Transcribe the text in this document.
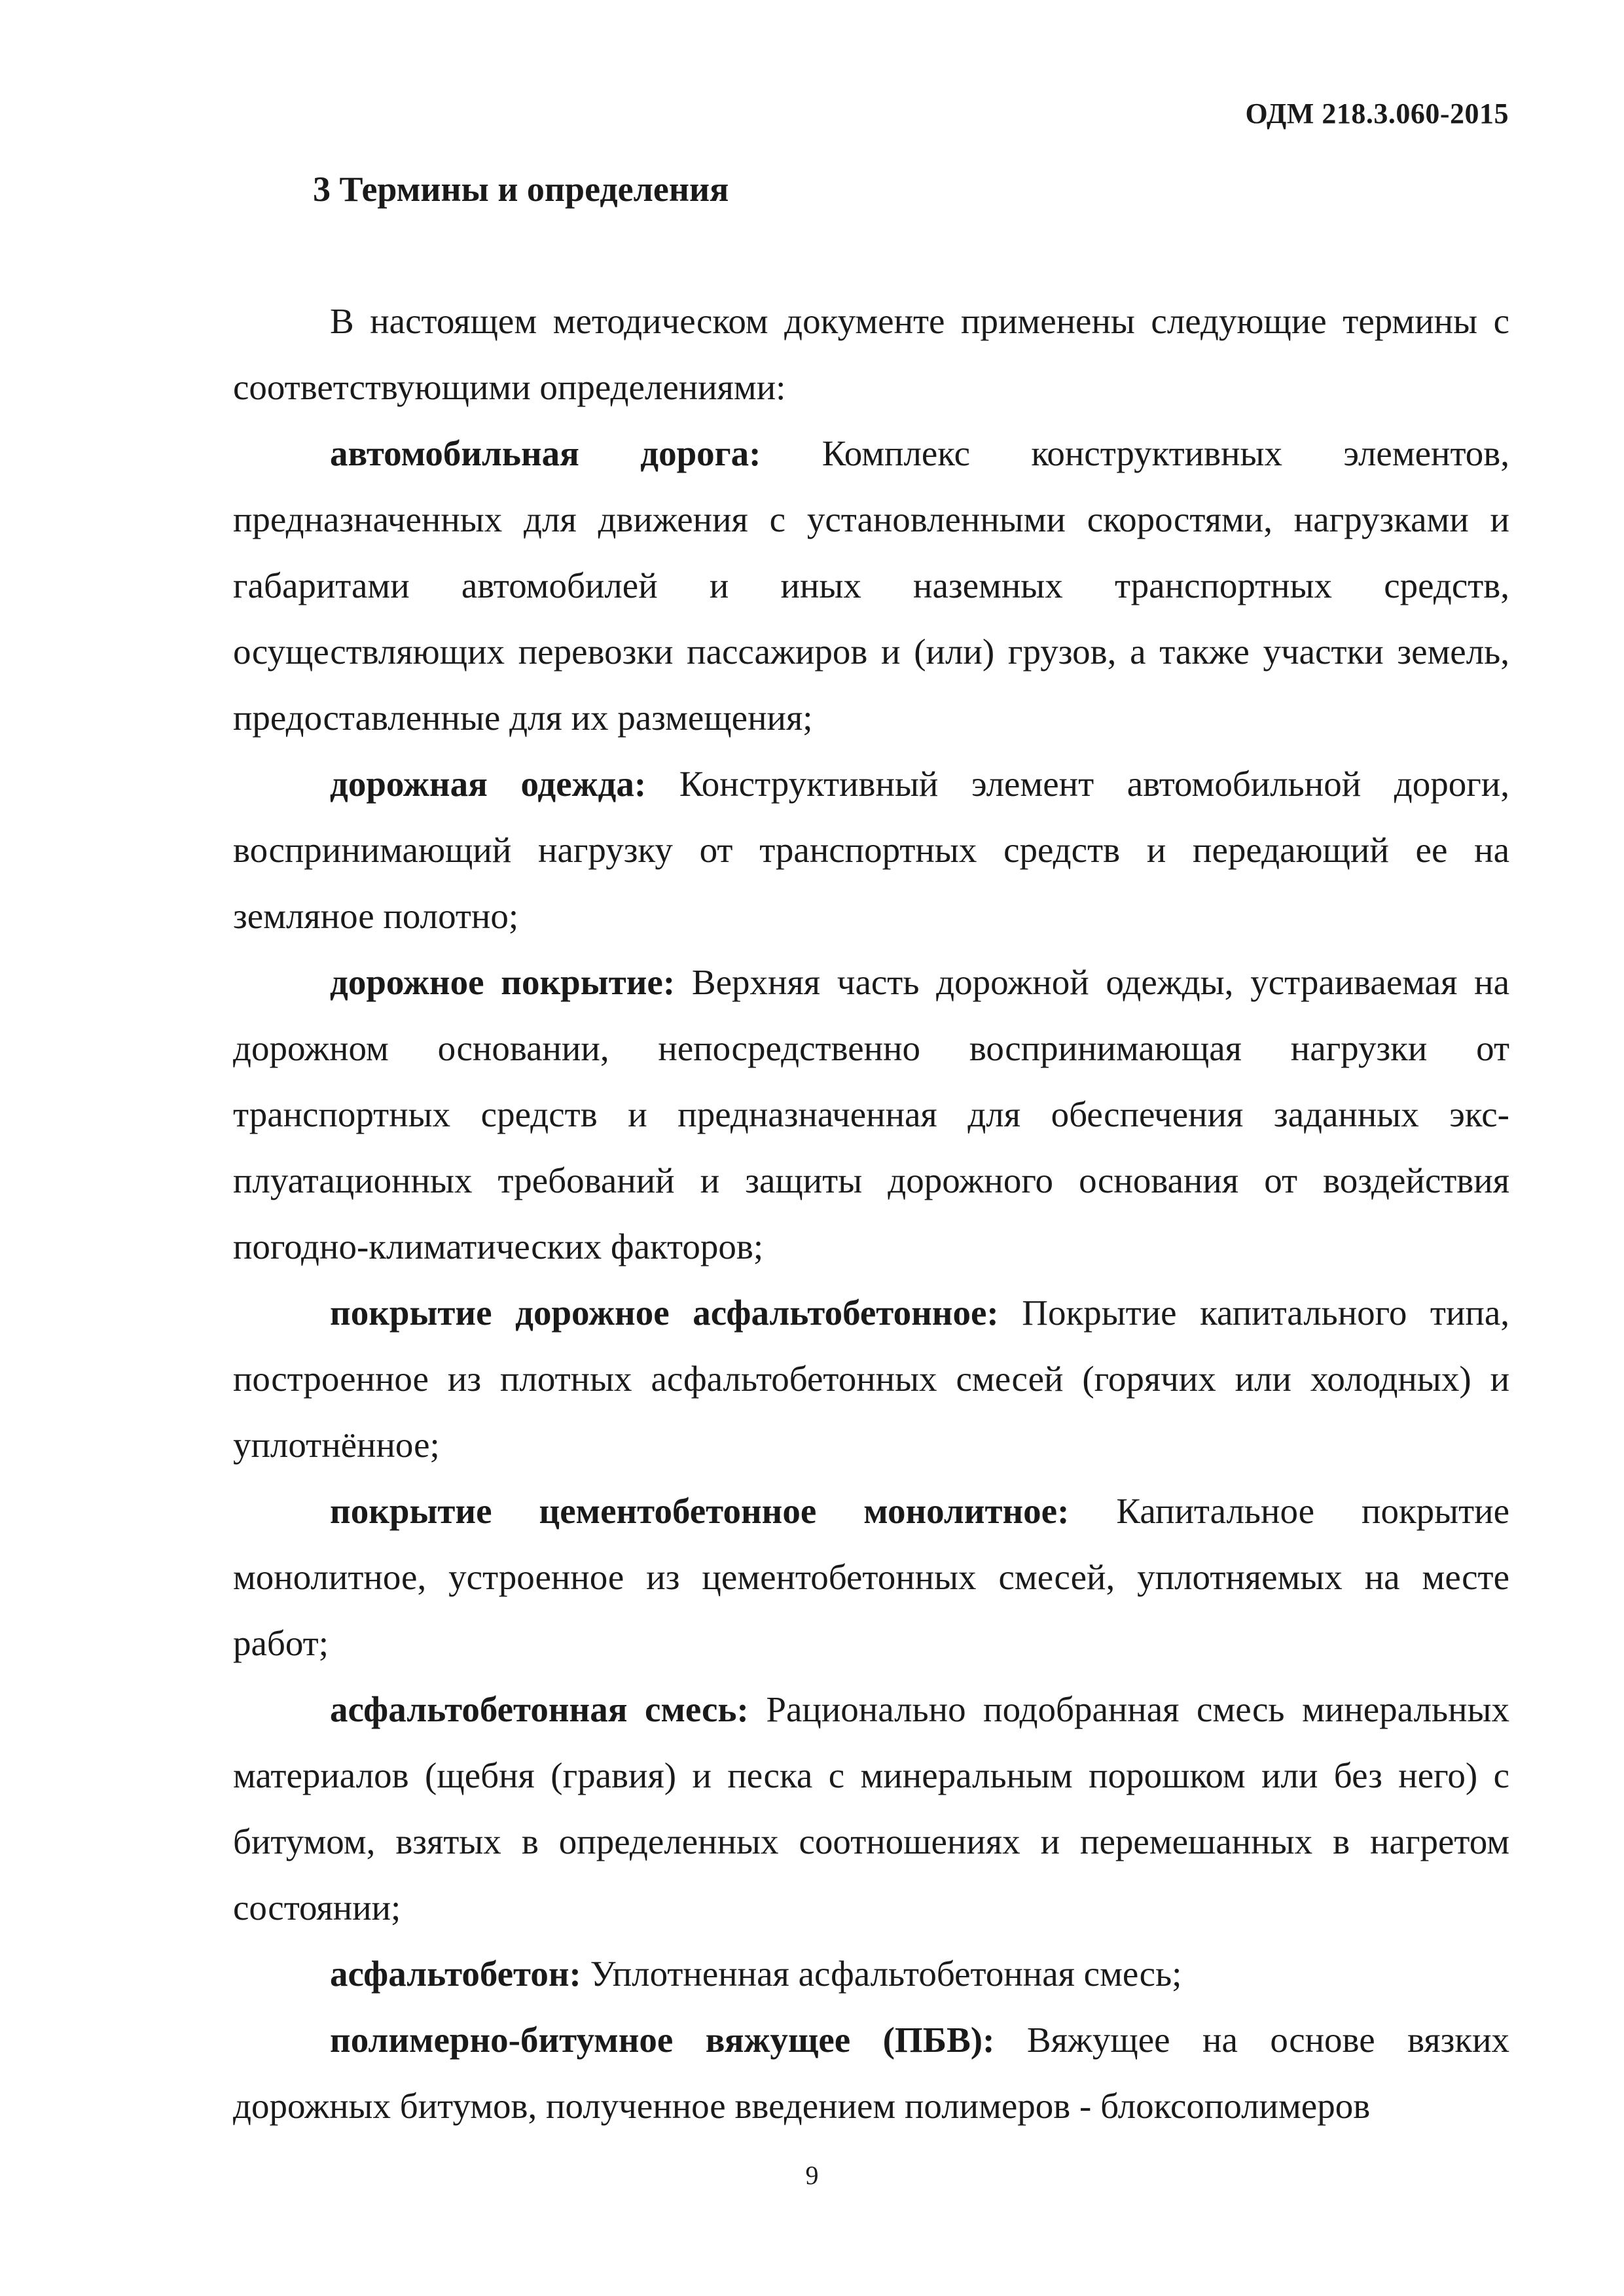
ОДМ 218.3.060-2015
3 Термины и определения

В настоящем методическом документе применены следующие термины с соответствующими определениями:

автомобильная дорога: Комплекс конструктивных элементов, предназначенных для движения с установленными скоростями, нагрузками и габаритами автомобилей и иных наземных транспортных средств, осуществляющих перевозки пассажиров и (или) грузов, а также участки земель, предоставленные для их размещения;

дорожная одежда: Конструктивный элемент автомобильной дороги, воспринимающий нагрузку от транспортных средств и передающий ее на земляное полотно;

дорожное покрытие: Верхняя часть дорожной одежды, устраиваемая на дорожном основании, непосредственно воспринимающая нагрузки от транспортных средств и предназначенная для обеспечения заданных экс-плуатационных требований и защиты дорожного основания от воздействия погодно-климатических факторов;

покрытие дорожное асфальтобетонное: Покрытие капитального типа, построенное из плотных асфальтобетонных смесей (горячих или холодных) и уплотнённое;

покрытие цементобетонное монолитное: Капитальное покрытие монолитное, устроенное из цементобетонных смесей, уплотняемых на месте работ;

асфальтобетонная смесь: Рационально подобранная смесь минеральных материалов (щебня (гравия) и песка с минеральным порошком или без него) с битумом, взятых в определенных соотношениях и перемешанных в нагретом состоянии;

асфальтобетон: Уплотненная асфальтобетонная смесь;

полимерно-битумное вяжущее (ПБВ): Вяжущее на основе вязких дорожных битумов, полученное введением полимеров - блоксополимеров

9
